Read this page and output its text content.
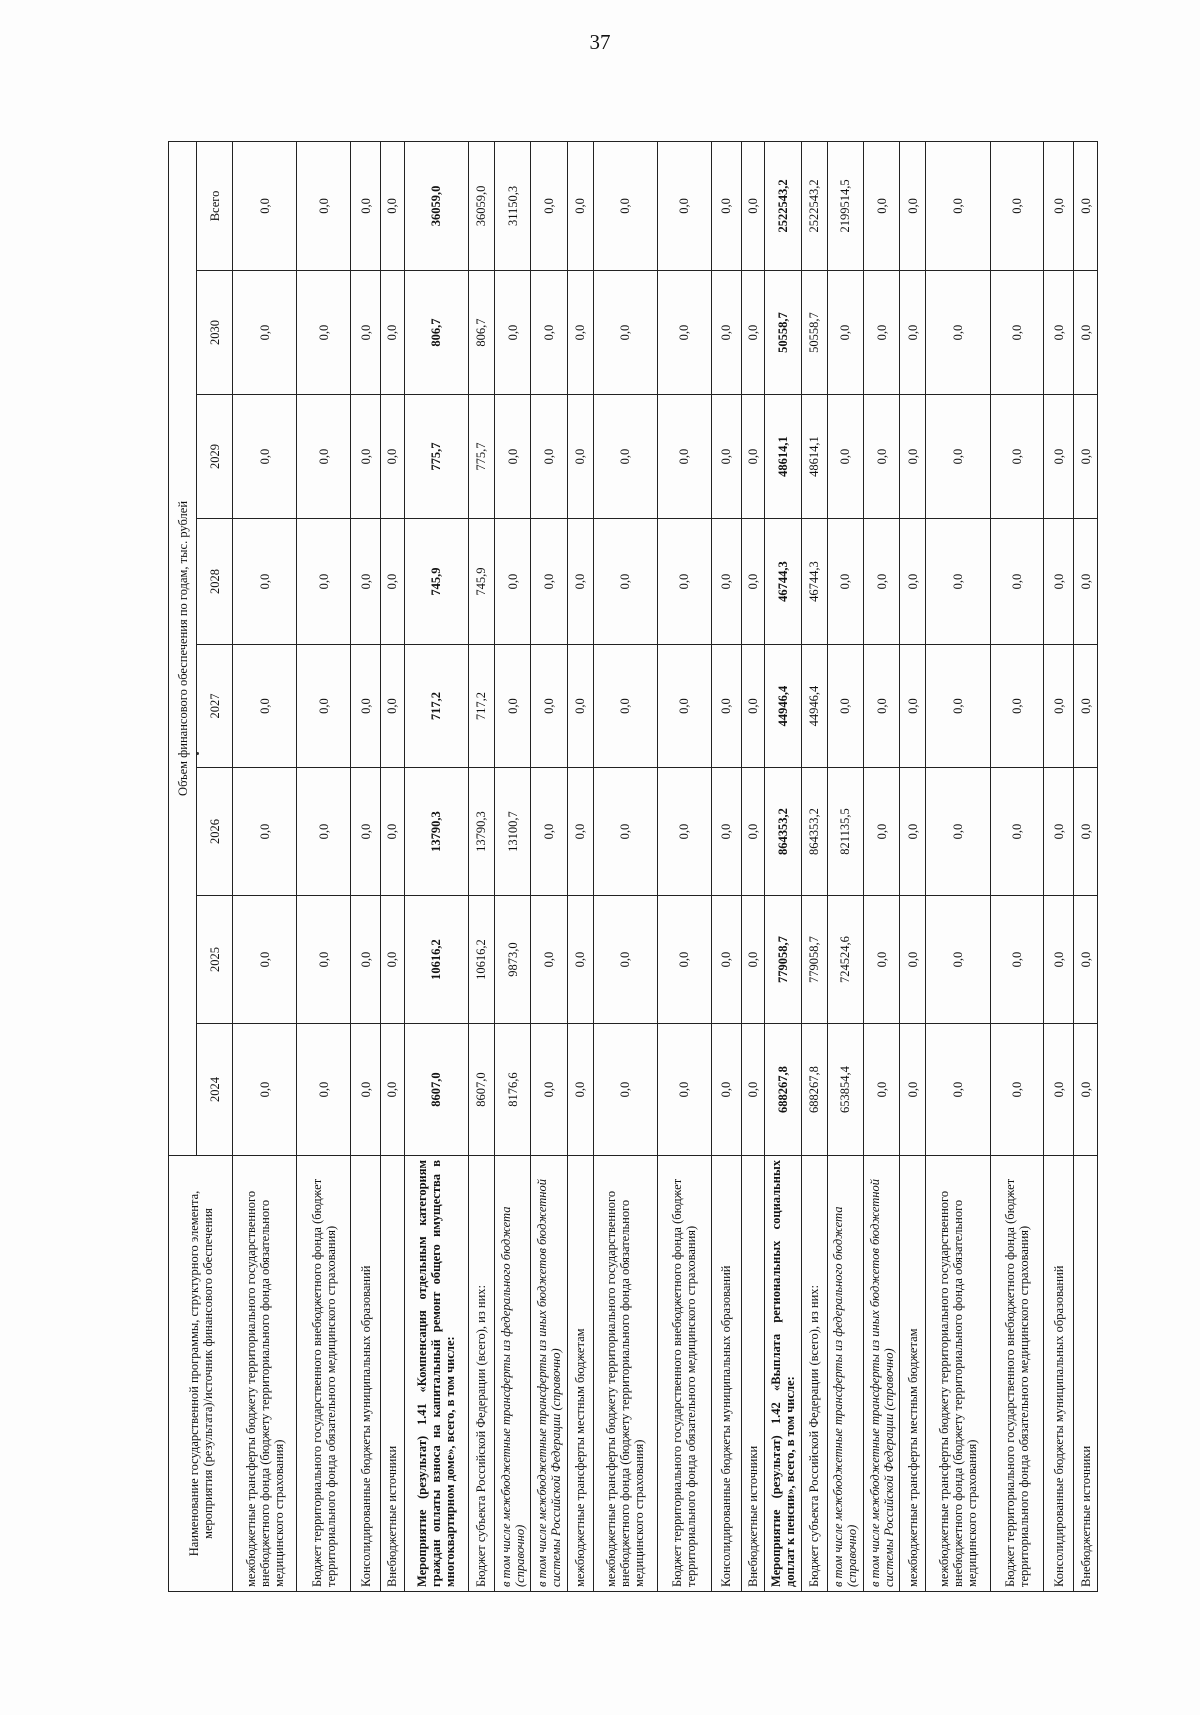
37
Наименование государственной программы, структурного элемента, мероприятия (результата)/источник финансового обеспечения	Объем финансового обеспечения по годам, тыс. рублей							
	2024	2025	2026	2027	2028	2029	2030	Всего
межбюджетные трансферты бюджету территориального государственного внебюджетного фонда (бюджету территориального фонда обязательного медицинского страхования)	0,0	0,0	0,0	0,0	0,0	0,0	0,0	0,0
Бюджет территориального государственного внебюджетного фонда (бюджет территориального фонда обязательного медицинского страхования)	0,0	0,0	0,0	0,0	0,0	0,0	0,0	0,0
Консолидированные бюджеты муниципальных образований	0,0	0,0	0,0	0,0	0,0	0,0	0,0	0,0
Внебюджетные источники	0,0	0,0	0,0	0,0	0,0	0,0	0,0	0,0
Мероприятие (результат) 1.41 «Компенсация отдельным категориям граждан оплаты взноса на капитальный ремонт общего имущества в многоквартирном доме», всего, в том числе:	8607,0	10616,2	13790,3	717,2	745,9	775,7	806,7	36059,0
Бюджет субъекта Российской Федерации (всего), из них:	8607,0	10616,2	13790,3	717,2	745,9	775,7	806,7	36059,0
в том числе межбюджетные трансферты из федерального бюджета (справочно)	8176,6	9873,0	13100,7	0,0	0,0	0,0	0,0	31150,3
в том числе межбюджетные трансферты из иных бюджетов бюджетной системы Российской Федерации (справочно)	0,0	0,0	0,0	0,0	0,0	0,0	0,0	0,0
межбюджетные трансферты местным бюджетам	0,0	0,0	0,0	0,0	0,0	0,0	0,0	0,0
межбюджетные трансферты бюджету территориального государственного внебюджетного фонда (бюджету территориального фонда обязательного медицинского страхования)	0,0	0,0	0,0	0,0	0,0	0,0	0,0	0,0
Бюджет территориального государственного внебюджетного фонда (бюджет территориального фонда обязательного медицинского страхования)	0,0	0,0	0,0	0,0	0,0	0,0	0,0	0,0
Консолидированные бюджеты муниципальных образований	0,0	0,0	0,0	0,0	0,0	0,0	0,0	0,0
Внебюджетные источники	0,0	0,0	0,0	0,0	0,0	0,0	0,0	0,0
Мероприятие (результат) 1.42 «Выплата региональных социальных доплат к пенсии», всего, в том числе:	688267,8	779058,7	864353,2	44946,4	46744,3	48614,1	50558,7	2522543,2
Бюджет субъекта Российской Федерации (всего), из них:	688267,8	779058,7	864353,2	44946,4	46744,3	48614,1	50558,7	2522543,2
в том числе межбюджетные трансферты из федерального бюджета (справочно)	653854,4	724524,6	821135,5	0,0	0,0	0,0	0,0	2199514,5
в том числе межбюджетные трансферты из иных бюджетов бюджетной системы Российской Федерации (справочно)	0,0	0,0	0,0	0,0	0,0	0,0	0,0	0,0
межбюджетные трансферты местным бюджетам	0,0	0,0	0,0	0,0	0,0	0,0	0,0	0,0
межбюджетные трансферты бюджету территориального государственного внебюджетного фонда (бюджету территориального фонда обязательного медицинского страхования)	0,0	0,0	0,0	0,0	0,0	0,0	0,0	0,0
Бюджет территориального государственного внебюджетного фонда (бюджет территориального фонда обязательного медицинского страхования)	0,0	0,0	0,0	0,0	0,0	0,0	0,0	0,0
Консолидированные бюджеты муниципальных образований	0,0	0,0	0,0	0,0	0,0	0,0	0,0	0,0
Внебюджетные источники	0,0	0,0	0,0	0,0	0,0	0,0	0,0	0,0
